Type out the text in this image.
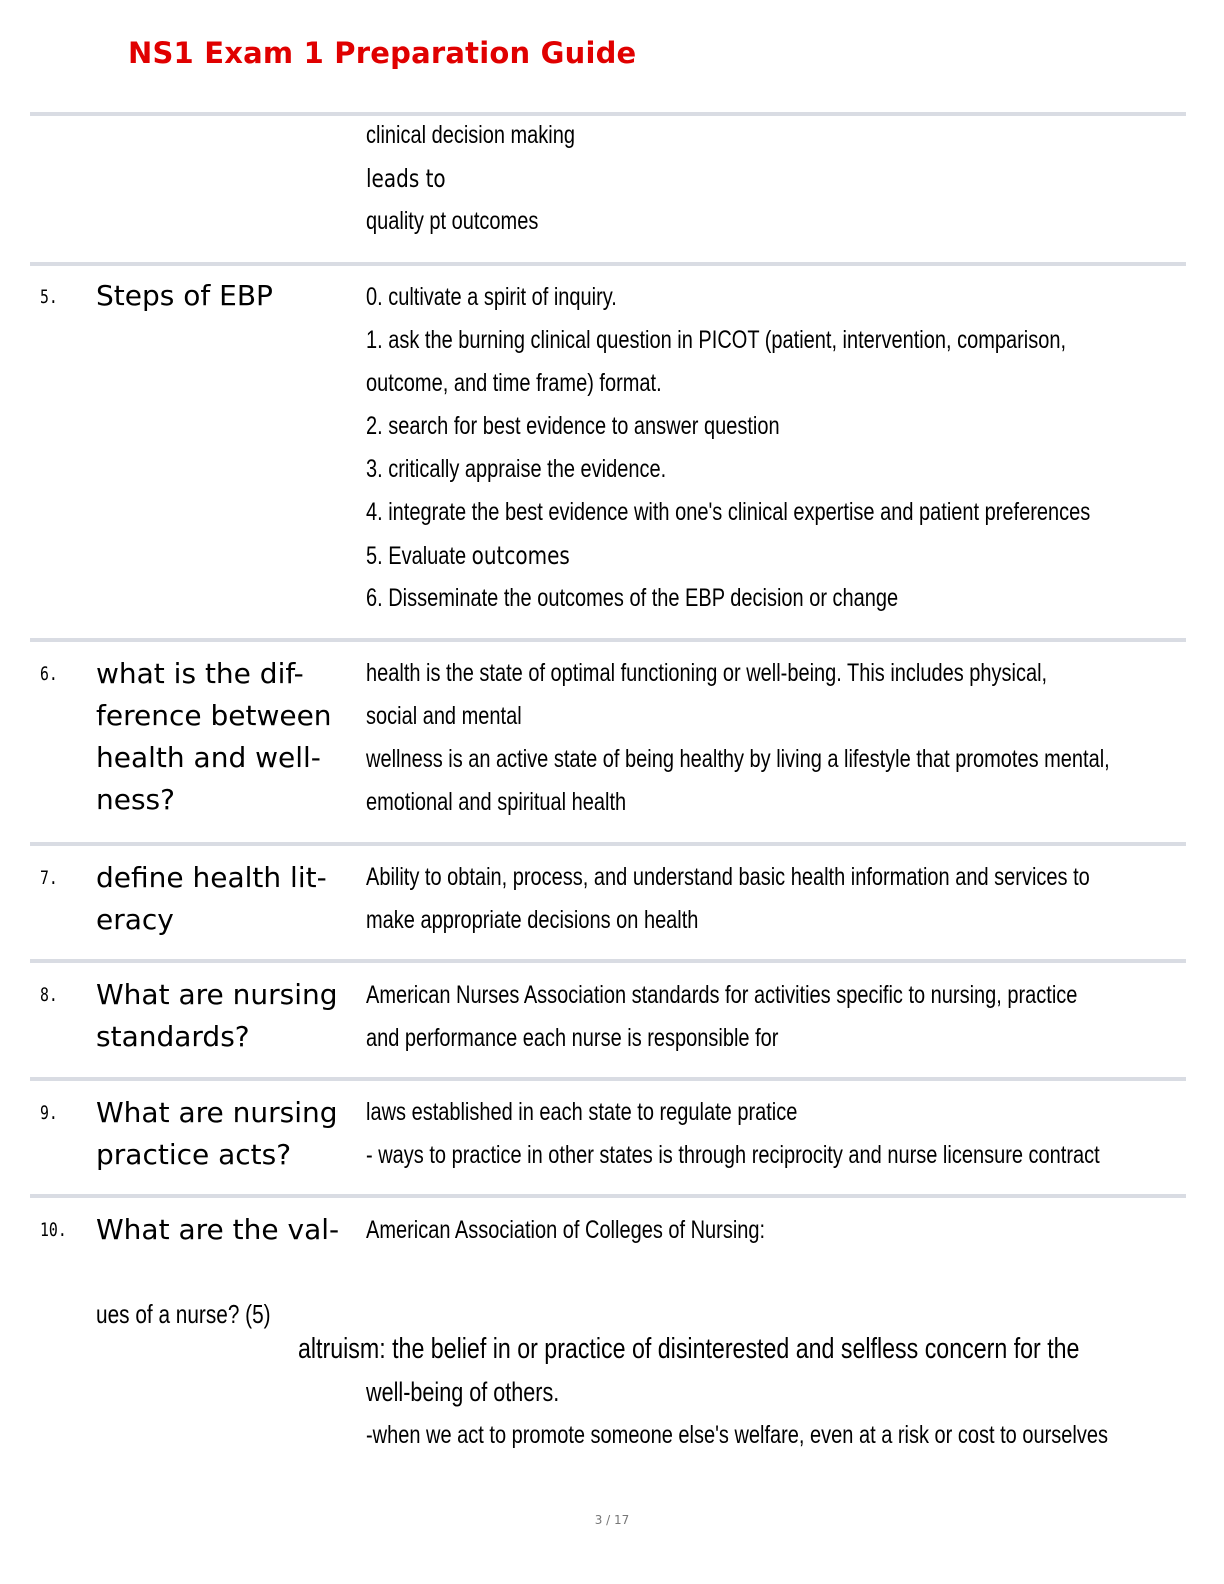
NS1 Exam 1 Preparation Guide
clinical decision making
leads to
quality pt outcomes
5. Steps of EBP	0. cultivate a spirit of inquiry.
1. ask the burning clinical question in PICOT (patient, intervention, comparison,
outcome, and time frame) format.
2. search for best evidence to answer question
3. critically appraise the evidence.
4. integrate the best evidence with one's clinical expertise and patient preferences
5. Evaluate outcomes
6. Disseminate the outcomes of the EBP decision or change
6. what is the dif-
ference between
health and well-
ness?
health is the state of optimal functioning or well-being. This includes physical,
social and mental
wellness is an active state of being healthy by living a lifestyle that promotes mental,
emotional and spiritual health
7. define health lit-
eracy
Ability to obtain, process, and understand basic health information and services to
make appropriate decisions on health
8. What are nursing
standards?
American Nurses Association standards for activities specific to nursing, practice
and performance each nurse is responsible for
9. What are nursing
practice acts?
laws established in each state to regulate pratice
- ways to practice in other states is through reciprocity and nurse licensure contract
10. What are the val-	American Association of Colleges of Nursing:
ues of a nurse? (5)
altruism: the belief in or practice of disinterested and selfless concern for the
well-being of others.
-when we act to promote someone else's welfare, even at a risk or cost to ourselves
3 / 17
